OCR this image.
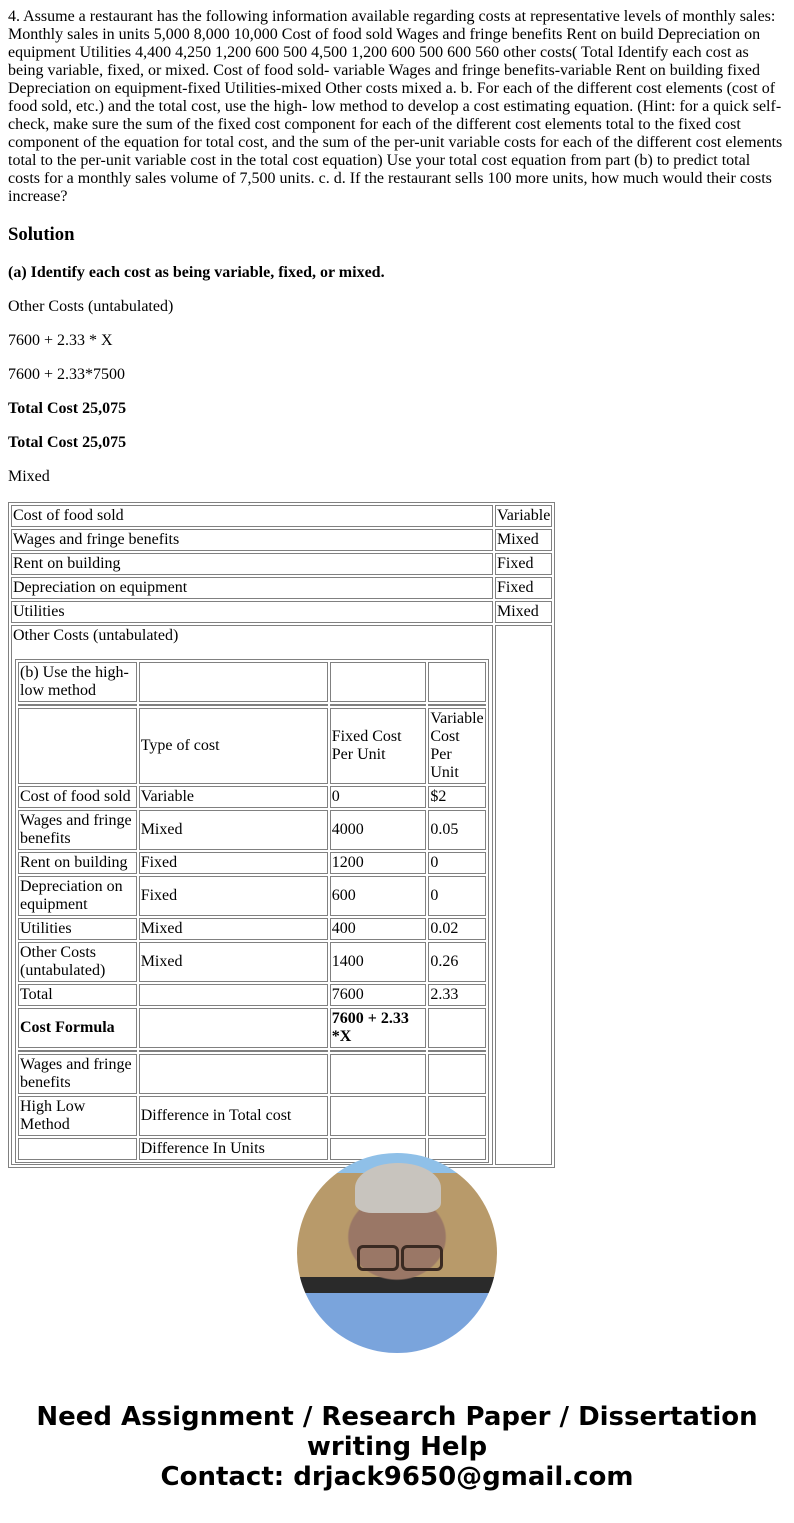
4. Assume a restaurant has the following information available regarding costs at representative levels of monthly sales: Monthly sales in units 5,000 8,000 10,000 Cost of food sold Wages and fringe benefits Rent on build Depreciation on equipment Utilities 4,400 4,250 1,200 600 500 4,500 1,200 600 500 600 560 other costs( Total Identify each cost as being variable, fixed, or mixed. Cost of food sold- variable Wages and fringe benefits-variable Rent on building fixed Depreciation on equipment-fixed Utilities-mixed Other costs mixed a. b. For each of the different cost elements (cost of food sold, etc.) and the total cost, use the high- low method to develop a cost estimating equation. (Hint: for a quick self-check, make sure the sum of the fixed cost component for each of the different cost elements total to the fixed cost component of the equation for total cost, and the sum of the per-unit variable costs for each of the different cost elements total to the per-unit variable cost in the total cost equation) Use your total cost equation from part (b) to predict total costs for a monthly sales volume of 7,500 units. c. d. If the restaurant sells 100 more units, how much would their costs increase?

Solution

(a) Identify each cost as being variable, fixed, or mixed.

Other Costs (untabulated)

7600 + 2.33 * X

7600 + 2.33*7500

Total Cost 25,075

Total Cost 25,075

Mixed

Cost of food sold	Variable
Wages and fringe benefits	Mixed
Rent on building	Fixed
Depreciation on equipment	Fixed
Utilities	Mixed
Other Costs (untabulated)
(b) Use the high-low method			

	Type of cost	Fixed Cost Per Unit	Variable Cost Per Unit
Cost of food sold	Variable	0	$2
Wages and fringe benefits	Mixed	4000	0.05
Rent on building	Fixed	1200	0
Depreciation on equipment	Fixed	600	0
Utilities	Mixed	400	0.02
Other Costs (untabulated)	Mixed	1400	0.26
Total		7600	2.33
Cost Formula		7600 + 2.33 *X	

Wages and fringe benefits			
High Low Method	Difference in Total cost		
	Difference In Units		

Need Assignment / Research Paper / Dissertation writing Help
Contact: drjack9650@gmail.com
